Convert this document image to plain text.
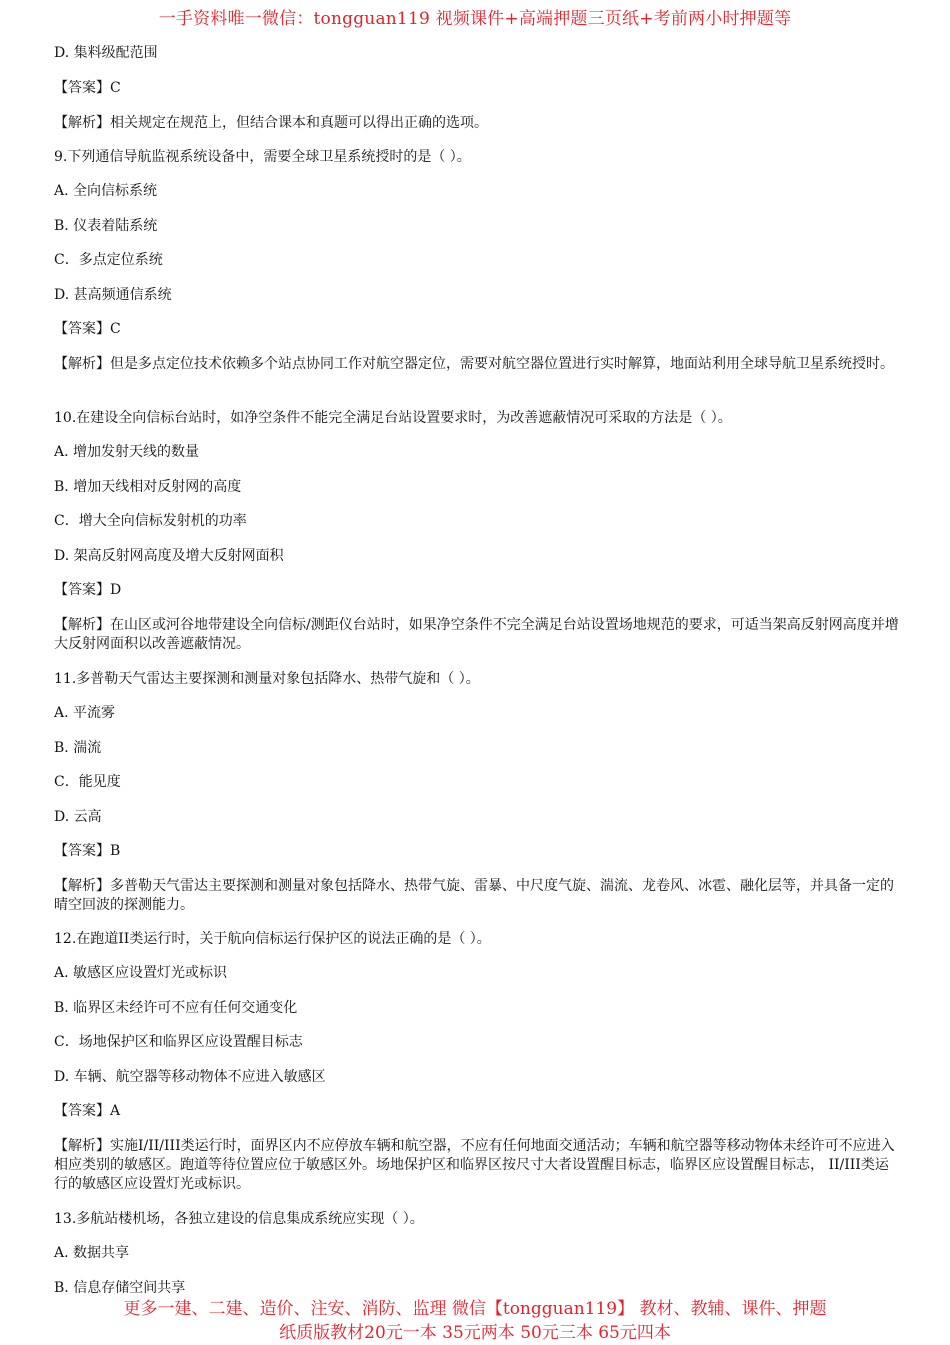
一手资料唯一微信：tongguan119 视频课件+高端押题三页纸+考前两小时押题等
D. 集料级配范围
【答案】C
【解析】相关规定在规范上，但结合课本和真题可以得出正确的选项。
9.下列通信导航监视系统设备中，需要全球卫星系统授时的是（ ）。
A. 全向信标系统
B. 仪表着陆系统
C．多点定位系统
D. 甚高频通信系统
【答案】C
【解析】但是多点定位技术依赖多个站点协同工作对航空器定位，需要对航空器位置进行实时解算，地面站利用全球导航卫星系统授时。
10.在建设全向信标台站时，如净空条件不能完全满足台站设置要求时，为改善遮蔽情况可采取的方法是（ ）。
A. 增加发射天线的数量
B. 增加天线相对反射网的高度
C．增大全向信标发射机的功率
D. 架高反射网高度及增大反射网面积
【答案】D
【解析】在山区或河谷地带建设全向信标/测距仪台站时，如果净空条件不完全满足台站设置场地规范的要求，可适当架高反射网高度并增大反射网面积以改善遮蔽情况。
11.多普勒天气雷达主要探测和测量对象包括降水、热带气旋和（ ）。
A. 平流雾
B. 湍流
C．能见度
D. 云高
【答案】B
【解析】多普勒天气雷达主要探测和测量对象包括降水、热带气旋、雷暴、中尺度气旋、湍流、龙卷风、冰雹、融化层等，并具备一定的晴空回波的探测能力。
12.在跑道II类运行时，关于航向信标运行保护区的说法正确的是（ ）。
A. 敏感区应设置灯光或标识
B. 临界区未经许可不应有任何交通变化
C．场地保护区和临界区应设置醒目标志
D. 车辆、航空器等移动物体不应进入敏感区
【答案】A
【解析】实施I/II/III类运行时，面界区内不应停放车辆和航空器，不应有任何地面交通活动；车辆和航空器等移动物体未经许可不应进入相应类别的敏感区。跑道等待位置应位于敏感区外。场地保护区和临界区按尺寸大者设置醒目标志，临界区应设置醒目标志， II/III类运行的敏感区应设置灯光或标识。
13.多航站楼机场，各独立建设的信息集成系统应实现（ ）。
A. 数据共享
B. 信息存储空间共享
更多一建、二建、造价、注安、消防、监理 微信【tongguan119】 教材、教辅、课件、押题
纸质版教材20元一本 35元两本 50元三本 65元四本
